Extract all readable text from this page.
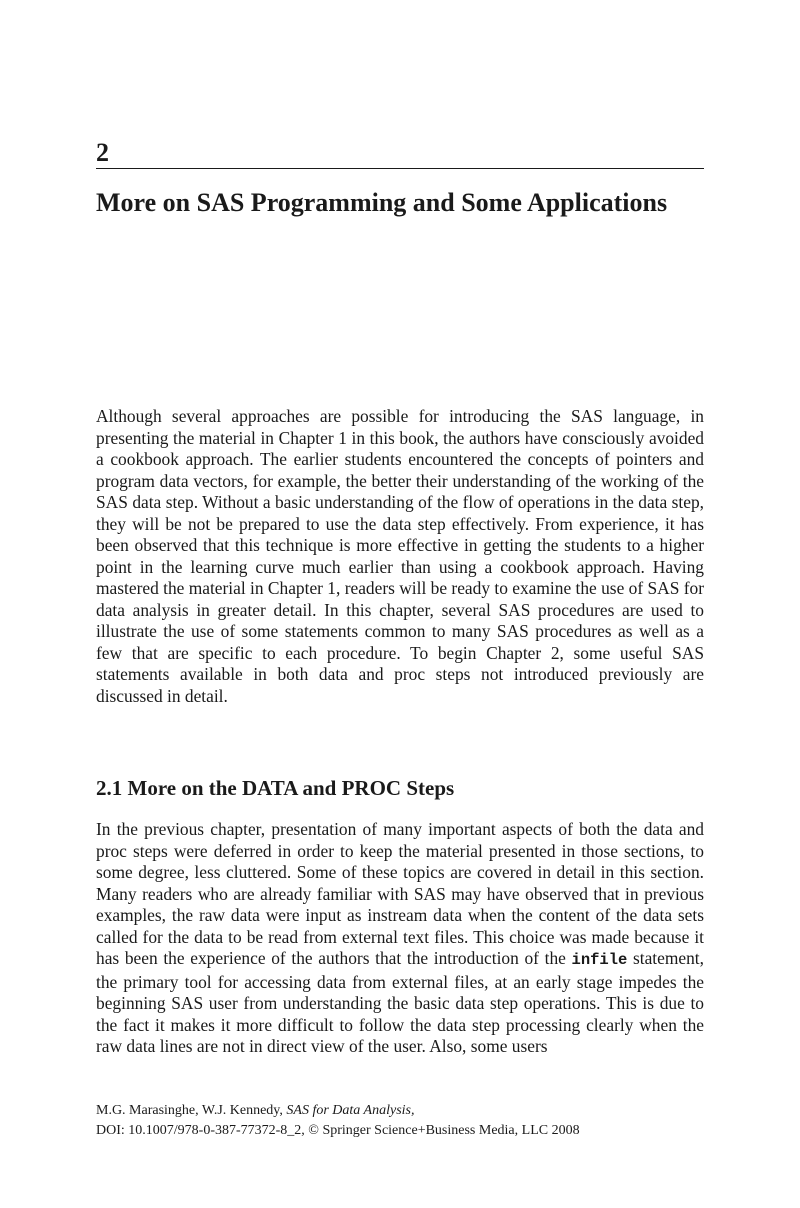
2
More on SAS Programming and Some Applications

Although several approaches are possible for introducing the SAS language, in presenting the material in Chapter 1 in this book, the authors have consciously avoided a cookbook approach. The earlier students encountered the concepts of pointers and program data vectors, for example, the better their understanding of the working of the SAS data step. Without a basic understanding of the flow of operations in the data step, they will be not be prepared to use the data step effectively. From experience, it has been observed that this technique is more effective in getting the students to a higher point in the learning curve much earlier than using a cookbook approach. Having mastered the material in Chapter 1, readers will be ready to examine the use of SAS for data analysis in greater detail. In this chapter, several SAS procedures are used to illustrate the use of some statements common to many SAS procedures as well as a few that are specific to each procedure. To begin Chapter 2, some useful SAS statements available in both data and proc steps not introduced previously are discussed in detail.

2.1 More on the DATA and PROC Steps

In the previous chapter, presentation of many important aspects of both the data and proc steps were deferred in order to keep the material presented in those sections, to some degree, less cluttered. Some of these topics are covered in detail in this section. Many readers who are already familiar with SAS may have observed that in previous examples, the raw data were input as instream data when the content of the data sets called for the data to be read from external text files. This choice was made because it has been the experience of the authors that the introduction of the infile statement, the primary tool for accessing data from external files, at an early stage impedes the beginning SAS user from understanding the basic data step operations. This is due to the fact it makes it more difficult to follow the data step processing clearly when the raw data lines are not in direct view of the user. Also, some users

M.G. Marasinghe, W.J. Kennedy, SAS for Data Analysis,
DOI: 10.1007/978-0-387-77372-8_2, © Springer Science+Business Media, LLC 2008
